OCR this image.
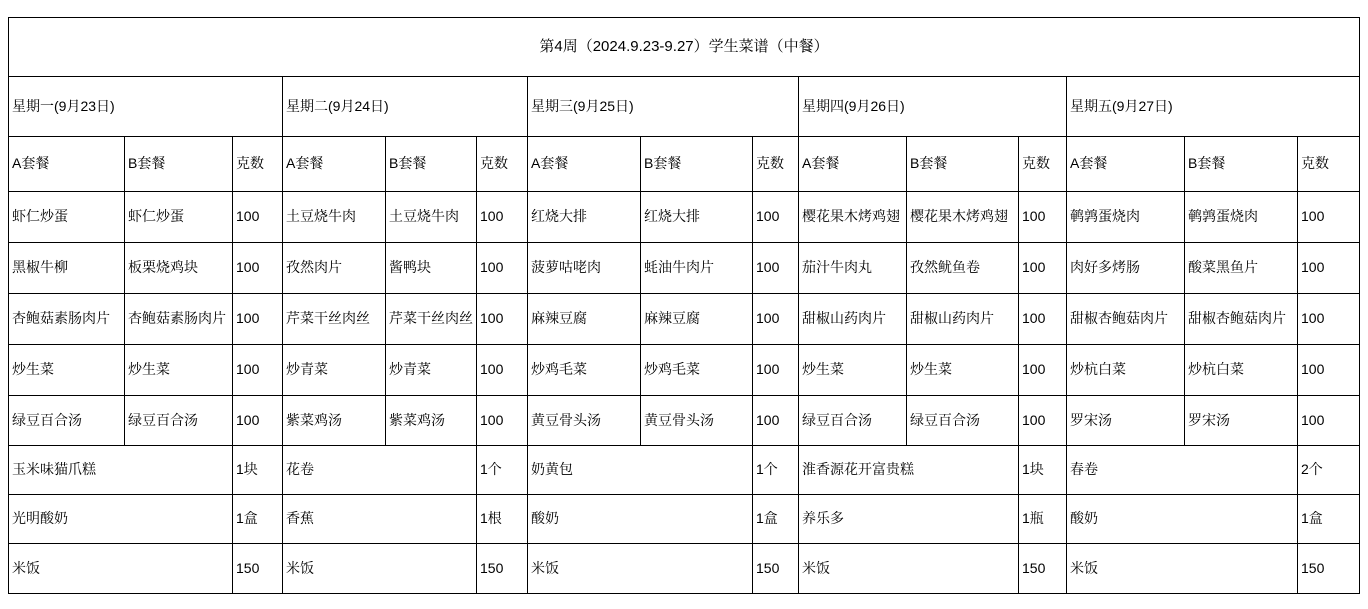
第4周（2024.9.23-9.27）学生菜谱（中餐）														
星期一(9月23日)			星期二(9月24日)			星期三(9月25日)			星期四(9月26日)			星期五(9月27日)		
A套餐	B套餐	克数	A套餐	B套餐	克数	A套餐	B套餐	克数	A套餐	B套餐	克数	A套餐	B套餐	克数
虾仁炒蛋	虾仁炒蛋	100	土豆烧牛肉	土豆烧牛肉	100	红烧大排	红烧大排	100	樱花果木烤鸡翅	樱花果木烤鸡翅	100	鹌鹑蛋烧肉	鹌鹑蛋烧肉	100
黑椒牛柳	板栗烧鸡块	100	孜然肉片	酱鸭块	100	菠萝咕咾肉	蚝油牛肉片	100	茄汁牛肉丸	孜然鱿鱼卷	100	肉好多烤肠	酸菜黑鱼片	100
杏鲍菇素肠肉片	杏鲍菇素肠肉片	100	芹菜干丝肉丝	芹菜干丝肉丝	100	麻辣豆腐	麻辣豆腐	100	甜椒山药肉片	甜椒山药肉片	100	甜椒杏鲍菇肉片	甜椒杏鲍菇肉片	100
炒生菜	炒生菜	100	炒青菜	炒青菜	100	炒鸡毛菜	炒鸡毛菜	100	炒生菜	炒生菜	100	炒杭白菜	炒杭白菜	100
绿豆百合汤	绿豆百合汤	100	紫菜鸡汤	紫菜鸡汤	100	黄豆骨头汤	黄豆骨头汤	100	绿豆百合汤	绿豆百合汤	100	罗宋汤	罗宋汤	100
玉米味猫爪糕		1块	花卷		1个	奶黄包		1个	淮香源花开富贵糕		1块	春卷		2个
光明酸奶		1盒	香蕉		1根	酸奶		1盒	养乐多		1瓶	酸奶		1盒
米饭		150	米饭		150	米饭		150	米饭		150	米饭		150
